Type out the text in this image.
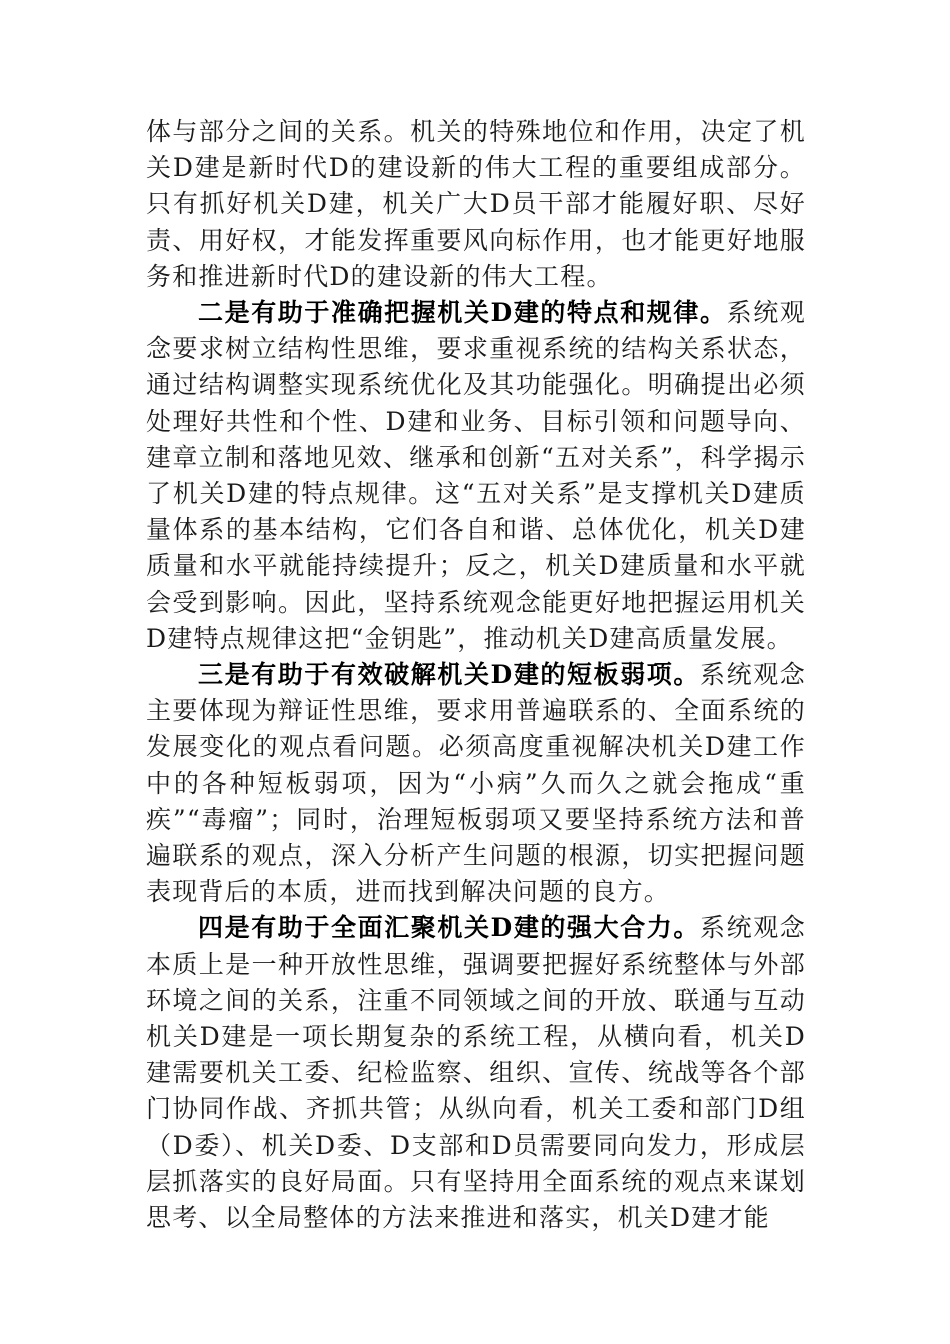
体与部分之间的关系。机关的特殊地位和作用，决定了机关D建是新时代D的建设新的伟大工程的重要组成部分。只有抓好机关D建，机关广大D员干部才能履好职、尽好责、用好权，才能发挥重要风向标作用，也才能更好地服务和推进新时代D的建设新的伟大工程。

二是有助于准确把握机关D建的特点和规律。系统观念要求树立结构性思维，要求重视系统的结构关系状态，通过结构调整实现系统优化及其功能强化。明确提出必须处理好共性和个性、D建和业务、目标引领和问题导向、建章立制和落地见效、继承和创新“五对关系”，科学揭示了机关D建的特点规律。这“五对关系”是支撑机关D建质量体系的基本结构，它们各自和谐、总体优化，机关D建质量和水平就能持续提升；反之，机关D建质量和水平就会受到影响。因此，坚持系统观念能更好地把握运用机关D建特点规律这把“金钥匙”，推动机关D建高质量发展。

三是有助于有效破解机关D建的短板弱项。系统观念主要体现为辩证性思维，要求用普遍联系的、全面系统的发展变化的观点看问题。必须高度重视解决机关D建工作中的各种短板弱项，因为“小病”久而久之就会拖成“重疾”“毒瘤”；同时，治理短板弱项又要坚持系统方法和普遍联系的观点，深入分析产生问题的根源，切实把握问题表现背后的本质，进而找到解决问题的良方。

四是有助于全面汇聚机关D建的强大合力。系统观念本质上是一种开放性思维，强调要把握好系统整体与外部环境之间的关系，注重不同领域之间的开放、联通与互动机关D建是一项长期复杂的系统工程，从横向看，机关D建需要机关工委、纪检监察、组织、宣传、统战等各个部门协同作战、齐抓共管；从纵向看，机关工委和部门D组（D委）、机关D委、D支部和D员需要同向发力，形成层层抓落实的良好局面。只有坚持用全面系统的观点来谋划思考、以全局整体的方法来推进和落实，机关D建才能
